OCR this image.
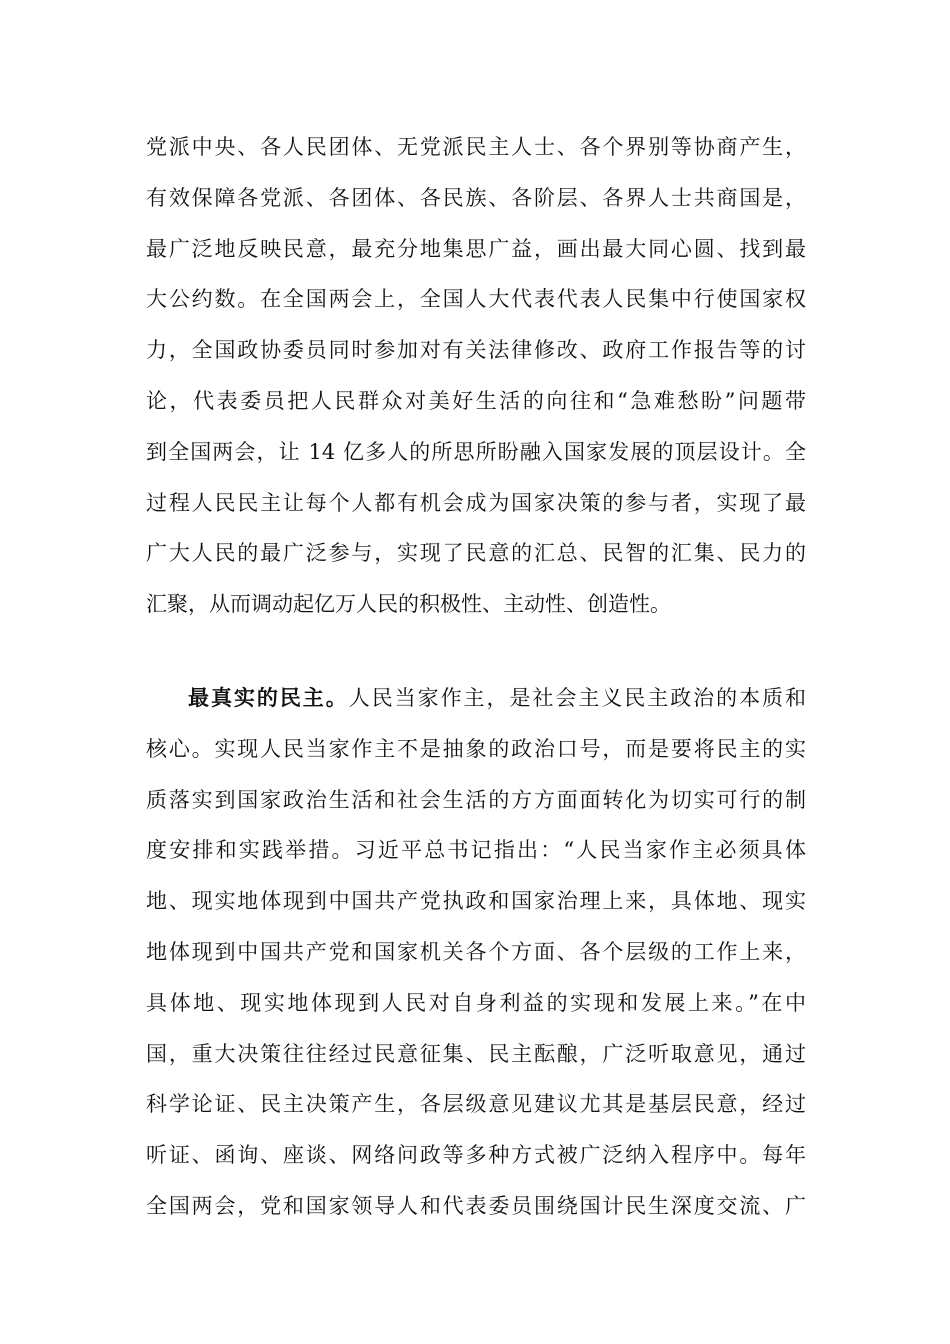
党派中央、各人民团体、无党派民主人士、各个界别等协商产生，
有效保障各党派、各团体、各民族、各阶层、各界人士共商国是，
最广泛地反映民意，最充分地集思广益，画出最大同心圆、找到最
大公约数。在全国两会上，全国人大代表代表人民集中行使国家权
力，全国政协委员同时参加对有关法律修改、政府工作报告等的讨
论，代表委员把人民群众对美好生活的向往和“急难愁盼”问题带
到全国两会，让 14 亿多人的所思所盼融入国家发展的顶层设计。全
过程人民民主让每个人都有机会成为国家决策的参与者，实现了最
广大人民的最广泛参与，实现了民意的汇总、民智的汇集、民力的
汇聚，从而调动起亿万人民的积极性、主动性、创造性。
最真实的民主。人民当家作主，是社会主义民主政治的本质和
核心。实现人民当家作主不是抽象的政治口号，而是要将民主的实
质落实到国家政治生活和社会生活的方方面面转化为切实可行的制
度安排和实践举措。习近平总书记指出：“人民当家作主必须具体
地、现实地体现到中国共产党执政和国家治理上来，具体地、现实
地体现到中国共产党和国家机关各个方面、各个层级的工作上来，
具体地、现实地体现到人民对自身利益的实现和发展上来。”在中
国，重大决策往往经过民意征集、民主酝酿，广泛听取意见，通过
科学论证、民主决策产生，各层级意见建议尤其是基层民意，经过
听证、函询、座谈、网络问政等多种方式被广泛纳入程序中。每年
全国两会，党和国家领导人和代表委员围绕国计民生深度交流、广
